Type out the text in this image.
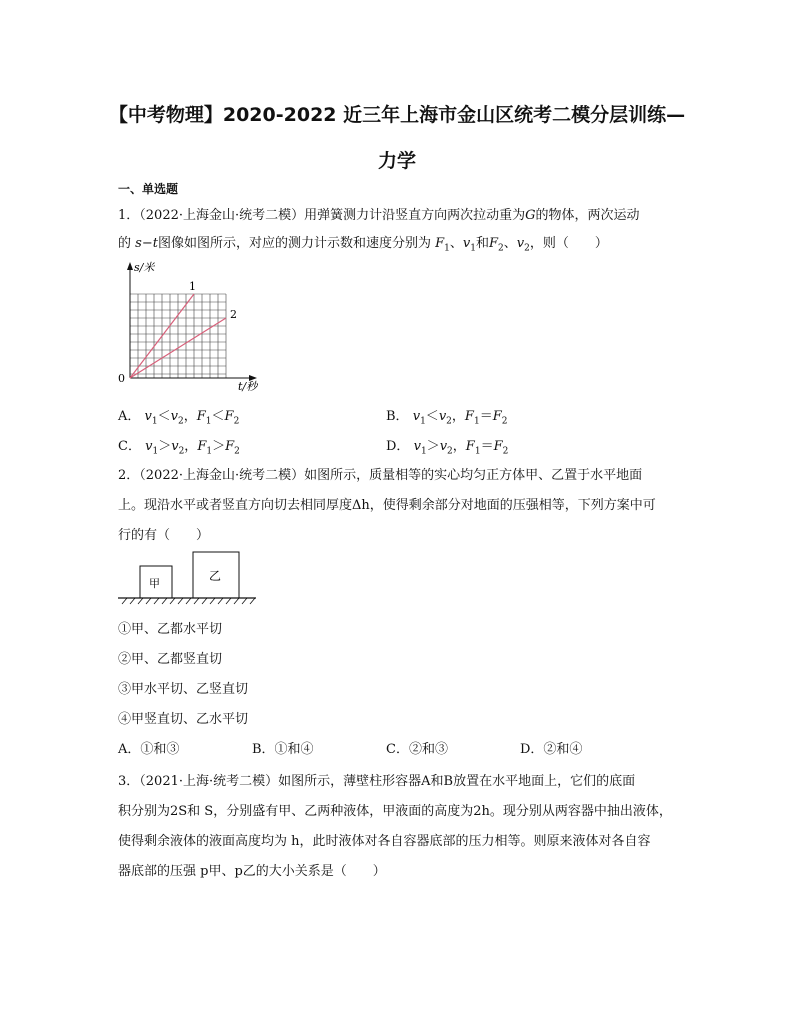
【中考物理】2020-2022 近三年上海市金山区统考二模分层训练—
力学
一、单选题
1．（2022·上海金山·统考二模）用弹簧测力计沿竖直方向两次拉动重为G的物体，两次运动
的 s−t图像如图所示，对应的测力计示数和速度分别为 $F_1$、$v_1$和$F_2$、$v_2$，则（　　）
s/米
t/秒
0
1
2
A． $v_1<v_2$，$F_1<F_2$	B． $v_1<v_2$，$F_1=F_2$
C． $v_1>v_2$，$F_1>F_2$	D． $v_1>v_2$，$F_1=F_2$
2．（2022·上海金山·统考二模）如图所示，质量相等的实心均匀正方体甲、乙置于水平地面
上。现沿水平或者竖直方向切去相同厚度Δh，使得剩余部分对地面的压强相等，下列方案中可
行的有（　　）
甲
乙
①甲、乙都水平切
②甲、乙都竖直切
③甲水平切、乙竖直切
④甲竖直切、乙水平切
A．①和③	B．①和④	C．②和③	D．②和④
3．（2021·上海·统考二模）如图所示，薄壁柱形容器A和B放置在水平地面上，它们的底面
积分别为2S和 S，分别盛有甲、乙两种液体，甲液面的高度为2h。现分别从两容器中抽出液体，
使得剩余液体的液面高度均为 h，此时液体对各自容器底部的压力相等。则原来液体对各自容
器底部的压强 p甲、p乙的大小关系是（　　）
